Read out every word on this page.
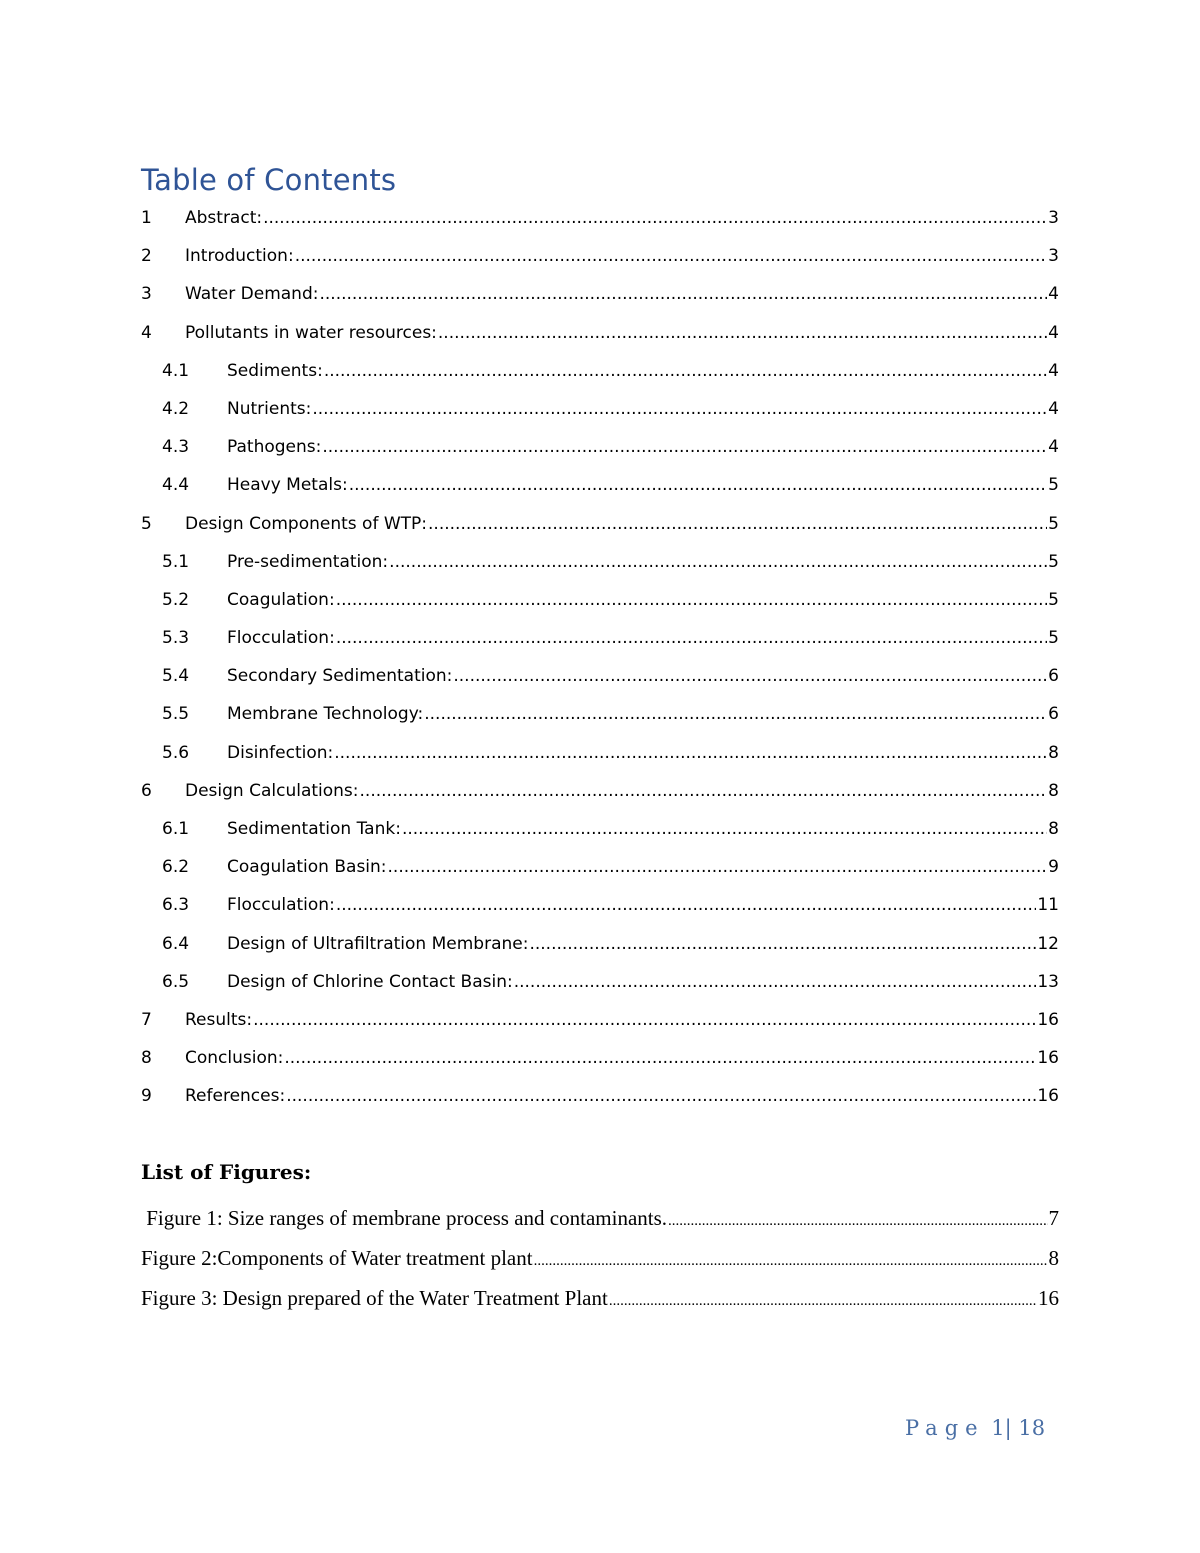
Table of Contents
1 Abstract: .....	3
2 Introduction: .....	3
3 Water Demand: .....	4
4 Pollutants in water resources: .....	4
4.1 Sediments: .....	4
4.2 Nutrients: .....	4
4.3 Pathogens: .....	4
4.4 Heavy Metals: .....	5
5 Design Components of WTP: .....	5
5.1 Pre-sedimentation: .....	5
5.2 Coagulation: .....	5
5.3 Flocculation: .....	5
5.4 Secondary Sedimentation: .....	6
5.5 Membrane Technology: .....	6
5.6 Disinfection: .....	8
6 Design Calculations: .....	8
6.1 Sedimentation Tank: .....	8
6.2 Coagulation Basin: .....	9
6.3 Flocculation: .....	11
6.4 Design of Ultrafiltration Membrane: .....	12
6.5 Design of Chlorine Contact Basin: .....	13
7 Results: .....	16
8 Conclusion: .....	16
9 References: .....	16
List of Figures:
Figure 1: Size ranges of membrane process and contaminants. .....	7
Figure 2:Components of Water treatment plant .....	8
Figure 3: Design prepared of the Water Treatment Plant .....	16
Page 1| 18
